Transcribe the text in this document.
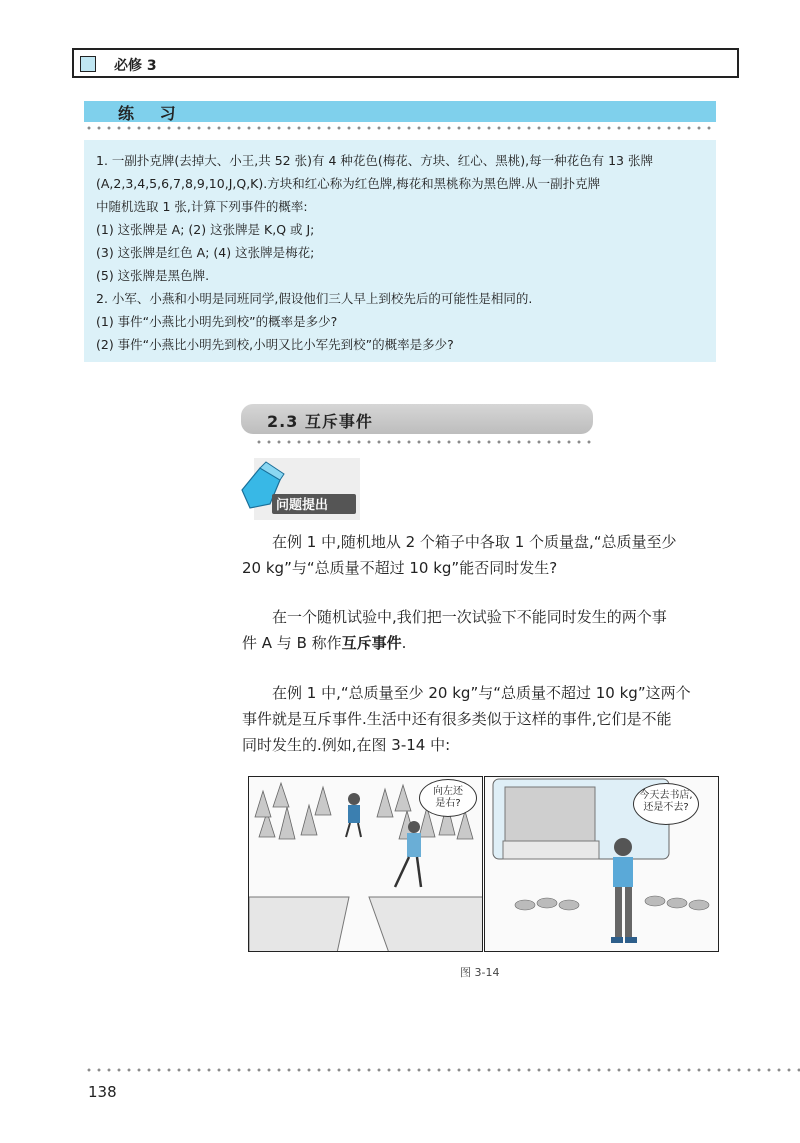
必修 3
练 习
1. 一副扑克牌(去掉大、小王,共 52 张)有 4 种花色(梅花、方块、红心、黑桃),每一种花色有 13 张牌
(A,2,3,4,5,6,7,8,9,10,J,Q,K).方块和红心称为红色牌,梅花和黑桃称为黑色牌.从一副扑克牌
中随机选取 1 张,计算下列事件的概率:
(1) 这张牌是 A; (2) 这张牌是 K,Q 或 J;
(3) 这张牌是红色 A; (4) 这张牌是梅花;
(5) 这张牌是黑色牌.
2. 小军、小燕和小明是同班同学,假设他们三人早上到校先后的可能性是相同的.
(1) 事件“小燕比小明先到校”的概率是多少?
(2) 事件“小燕比小明先到校,小明又比小军先到校”的概率是多少?
2.3 互斥事件
问题提出

在例 1 中,随机地从 2 个箱子中各取 1 个质量盘,“总质量至少

20 kg”与“总质量不超过 10 kg”能否同时发生?

在一个随机试验中,我们把一次试验下不能同时发生的两个事

件 A 与 B 称作互斥事件.

在例 1 中,“总质量至少 20 kg”与“总质量不超过 10 kg”这两个

事件就是互斥事件.生活中还有很多类似于这样的事件,它们是不能

同时发生的.例如,在图 3-14 中:

向左还
是右?
今天去书店,
还是不去?
图 3-14
138
